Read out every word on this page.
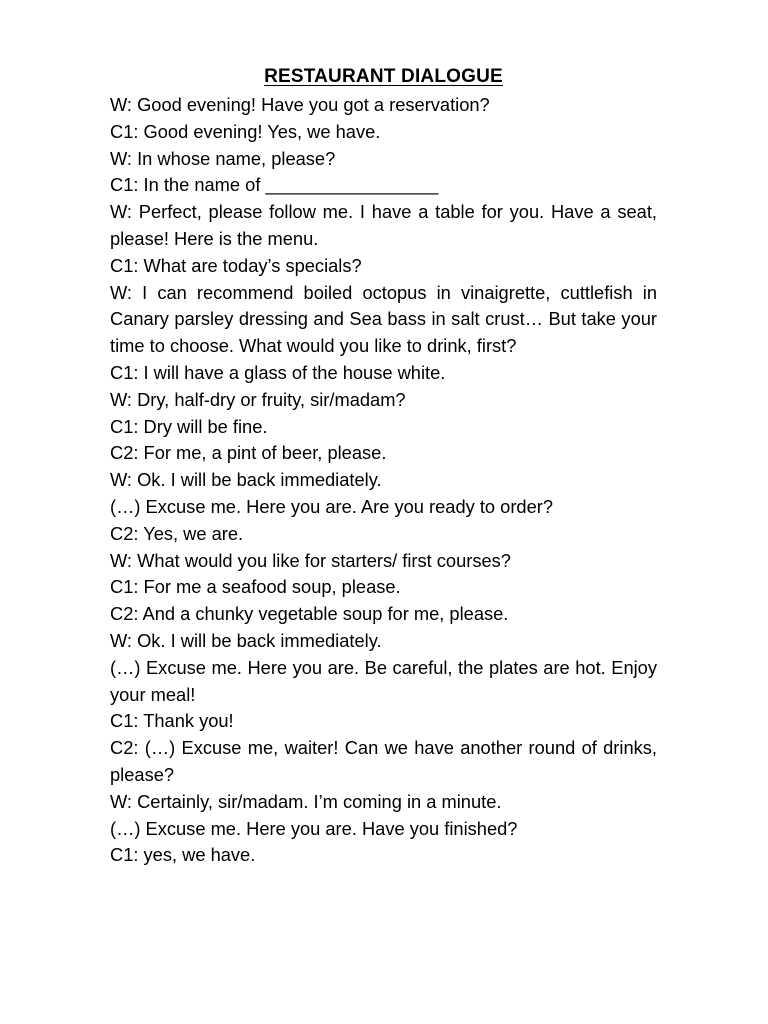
RESTAURANT DIALOGUE

W: Good evening! Have you got a reservation?

C1: Good evening! Yes, we have.

W: In whose name, please?

C1: In the name of _________________

W: Perfect, please follow me. I have a table for you. Have a seat, please! Here is the menu.

C1: What are today’s specials?

W: I can recommend boiled octopus in vinaigrette, cuttlefish in Canary parsley dressing and Sea bass in salt crust… But take your time to choose. What would you like to drink, first?

C1: I will have a glass of the house white.

W: Dry, half-dry or fruity, sir/madam?

C1: Dry will be fine.

C2: For me, a pint of beer, please.

W: Ok. I will be back immediately.

(…) Excuse me. Here you are. Are you ready to order?

C2: Yes, we are.

W: What would you like for starters/ first courses?

C1: For me a seafood soup, please.

C2: And a chunky vegetable soup for me, please.

W: Ok. I will be back immediately.

(…) Excuse me. Here you are. Be careful, the plates are hot. Enjoy your meal!

C1: Thank you!

C2: (…) Excuse me, waiter! Can we have another round of drinks, please?

W: Certainly, sir/madam. I’m coming in a minute.

(…) Excuse me. Here you are. Have you finished?

C1: yes, we have.
